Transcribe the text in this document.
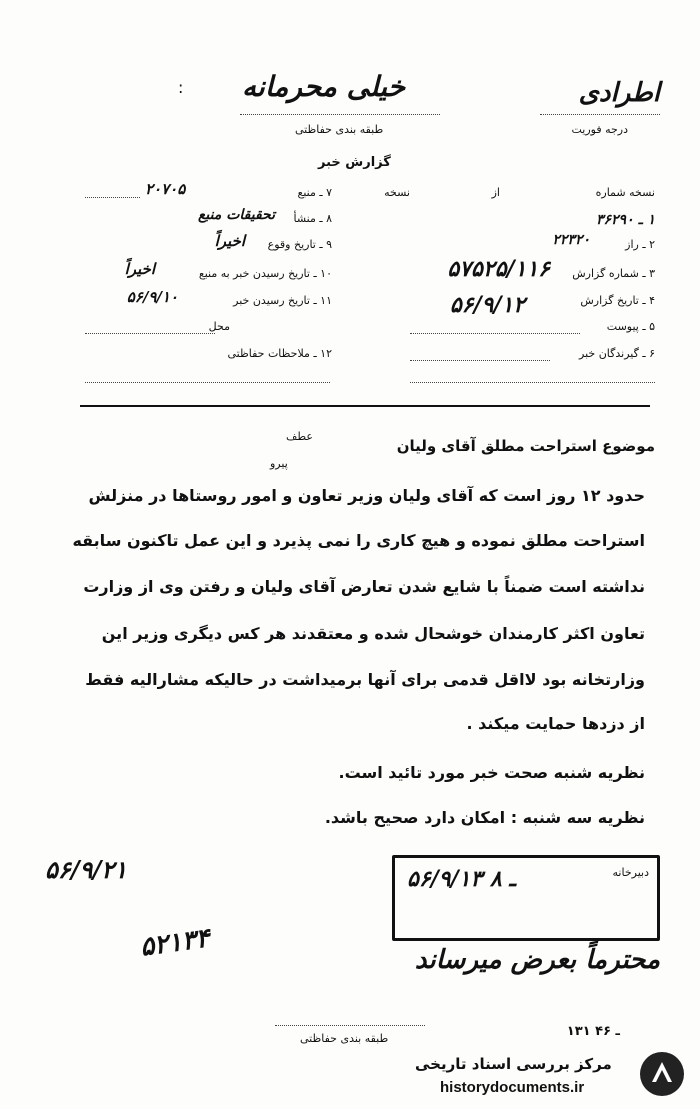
اطرادی
درجه فوریت
خیلی محرمانه
طبقه بندی حفاظتی
:
گزارش خبر
نسخه شماره
از
نسخه
۱ ـ ۳۶۲۹۰
۲ ـ راز
۲۲۳۲۰
۳ ـ شماره گزارش
۵۷۵۲۵/۱۱۶
۴ ـ تاریخ گزارش
۵۶/۹/۱۲
۵ ـ پیوست
۶ ـ گیرندگان خبر
۷ ـ منبع
۲۰۷۰۵
۸ ـ منشأ
تحقیقات منبع
۹ ـ تاریخ وقوع
اخیراً
۱۰ ـ تاریخ رسیدن خبر به منبع
اخیراً
۱۱ ـ تاریخ رسیدن خبر
۵۶/۹/۱۰
محل
۱۲ ـ ملاحظات حفاظتی
عطف
پیرو
موضوع استراحت مطلق آقای ولیان
حدود ۱۲ روز است که آقای ولیان وزیر تعاون و امور روستاها در منزلش
استراحت مطلق نموده و هیچ کاری را نمی پذیرد و این عمل تاکنون سابقه
نداشته است ضمناً با شایع شدن تعارض آقای ولیان و رفتن وی از وزارت
تعاون اکثر کارمندان خوشحال شده و معتقدند هر کس دیگری وزیر این
وزارتخانه بود لااقل قدمی برای آنها برمیداشت در حالیکه مشارالیه فقط
از دزدها حمایت میکند .
نظریه شنبه صحت خبر مورد تائید است.
نظریه سه شنبه : امکان دارد صحیح باشد.
۵۶/۹/۲۱	دبیرخانه
۵۶/۹/۱۳ ـ ۸
۵۲۱۳۴	محترماً بعرض میرساند
طبقه بندی حفاظتی	۱۳۱ ـ ۴۶
مرکز بررسی اسناد تاریخی
historydocuments.ir
